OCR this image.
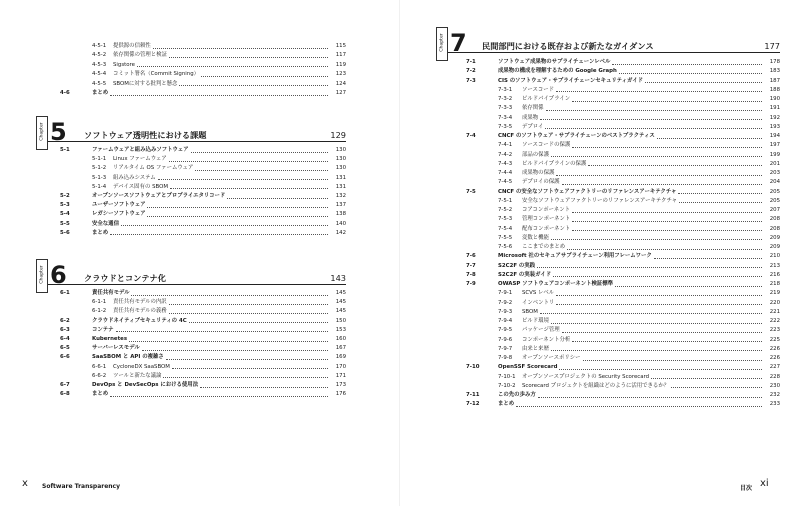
4-5-1 提供源の信頼性	115
4-5-2 依存関係の管理と検証	117
4-5-3 Sigstore	119
4-5-4 コミット署名（Commit Signing）	123
4-5-5 SBOMに対する批判と懸念	124
4-6	まとめ	127
Chapter 5 ソフトウェア透明性における課題	129
5-1	ファームウェアと組み込みソフトウェア	130
5-1-1 Linux ファームウェア	130
5-1-2 リアルタイム OS ファームウェア	130
5-1-3 組み込みシステム	131
5-1-4 デバイス固有の SBOM	131
5-2	オープンソースソフトウェアとプロプライエタリコード	132
5-3	ユーザーソフトウェア	137
5-4	レガシーソフトウェア	138
5-5	安全な通信	140
5-6	まとめ	142
Chapter 6 クラウドとコンテナ化	143
6-1	責任共有モデル	145
6-1-1 責任共有モデルの内訳	145
6-1-2 責任共有モデルの義務	145
6-2	クラウドネイティブセキュリティの 4C	150
6-3	コンテナ	153
6-4	Kubernetes	160
6-5	サーバーレスモデル	167
6-6	SaaSBOM と API の複雑さ	169
6-6-1 CycloneDX SaaSBOM	170
6-6-2 ツールと新たな議論	171
6-7	DevOps と DevSecOps における使用法	173
6-8	まとめ	176
x Software Transparency
Chapter 7 民間部門における既存および新たなガイダンス	177
7-1	ソフトウェア成果物のサプライチェーンレベル	178
7-2	成果物の構成を理解するための Google Graph	183
7-3	CIS のソフトウェア・サプライチェーンセキュリティガイド	187
7-3-1 ソースコード	188
7-3-2 ビルドパイプライン	190
7-3-3 依存関係	191
7-3-4 成果物	192
7-3-5 デプロイ	193
7-4	CNCF のソフトウェア・サプライチェーンのベストプラクティス	194
7-4-1 ソースコードの保護	197
7-4-2 部品の保護	199
7-4-3 ビルドパイプラインの保護	201
7-4-4 成果物の保護	203
7-4-5 デプロイの保護	204
7-5	CNCF の安全なソフトウェアファクトリーのリファレンスアーキテクチャ	205
7-5-1 安全なソフトウェアファクトリーのリファレンスアーキテクチャ	205
7-5-2 コアコンポーネント	207
7-5-3 管理コンポーネント	208
7-5-4 配布コンポーネント	208
7-5-5 変数と機能	209
7-5-6 ここまでのまとめ	209
7-6	Microsoft 社のセキュアサプライチェーン利用フレームワーク	210
7-7	S2C2F の実践	213
7-8	S2C2F の実装ガイド	216
7-9	OWASP ソフトウェアコンポーネント検証標準	218
7-9-1 SCVS レベル	219
7-9-2 インベントリ	220
7-9-3 SBOM	221
7-9-4 ビルド環境	222
7-9-5 パッケージ管理	223
7-9-6 コンポーネント分析	225
7-9-7 由来と来歴	226
7-9-8 オープンソースポリシー	226
7-10	OpenSSF Scorecard	227
7-10-1 オープンソースプロジェクトの Security Scorecard	228
7-10-2 Scorecard プロジェクトを組織はどのように活用できるか？	230
7-11	この先の歩み方	232
7-12	まとめ	233
目次 xi
